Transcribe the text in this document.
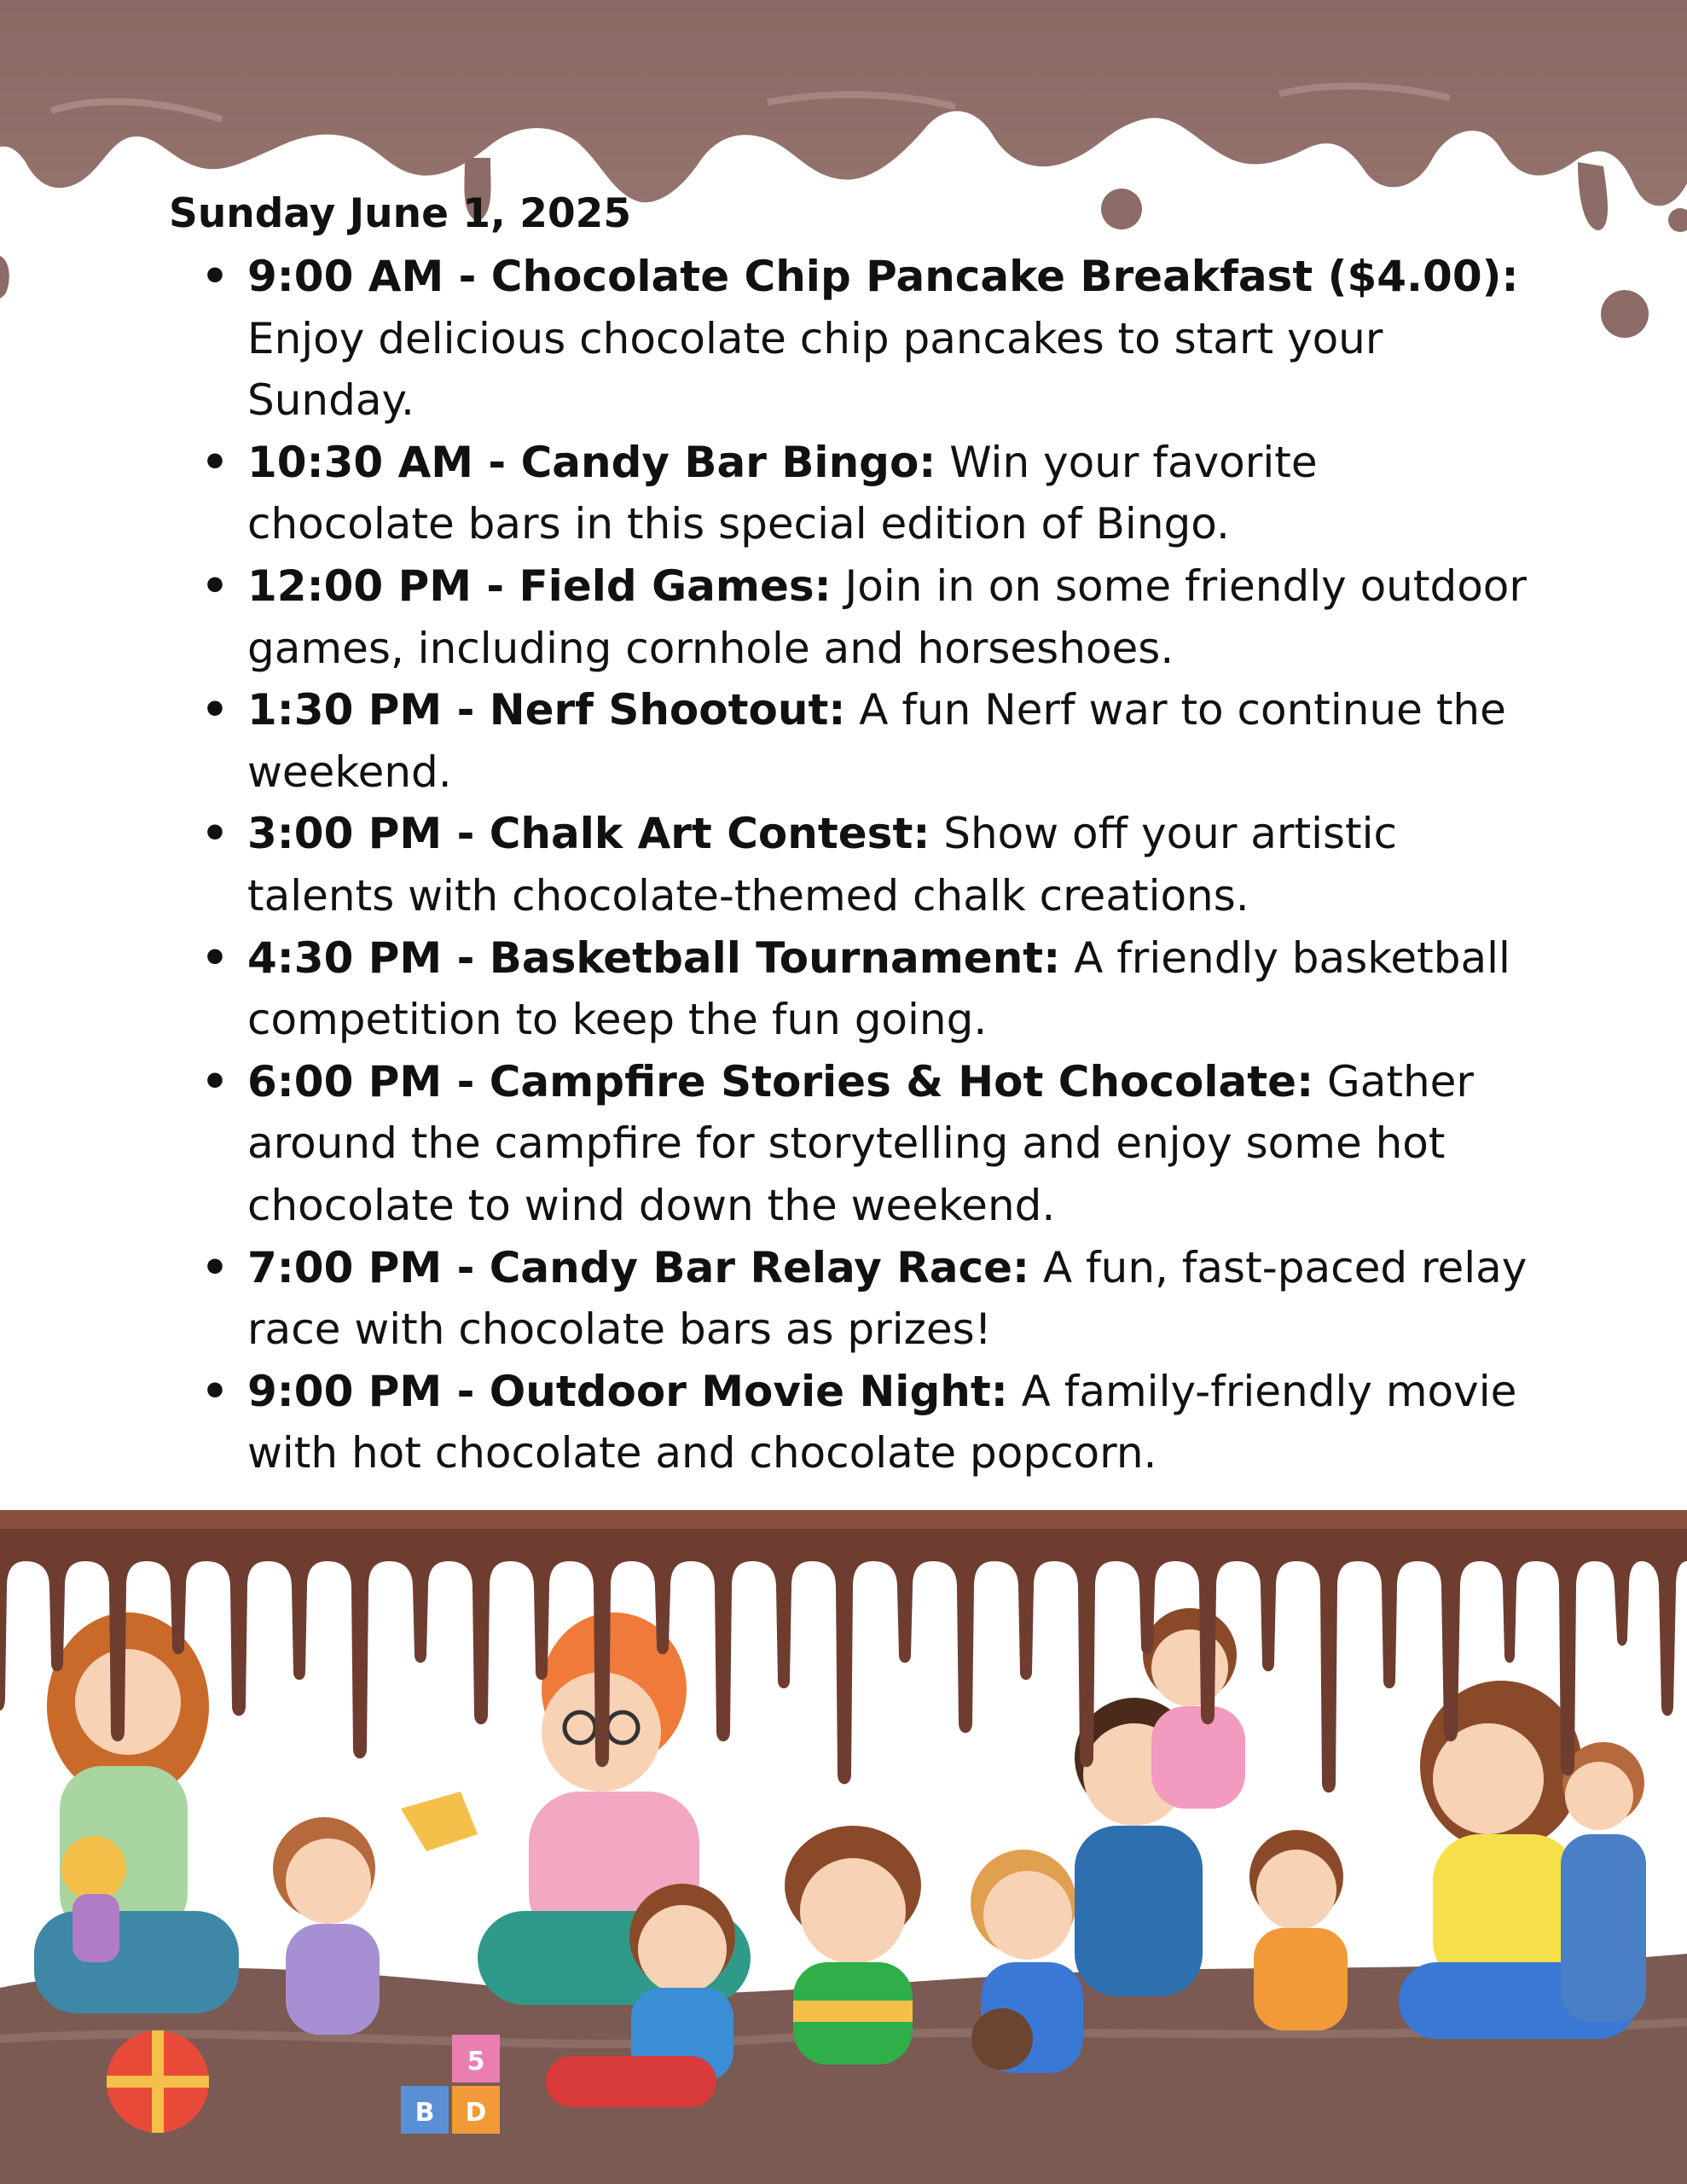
Sunday June 1, 2025
• 9:00 AM - Chocolate Chip Pancake Breakfast ($4.00): Enjoy delicious chocolate chip pancakes to start your Sunday.
• 10:30 AM - Candy Bar Bingo: Win your favorite chocolate bars in this special edition of Bingo.
• 12:00 PM - Field Games: Join in on some friendly outdoor games, including cornhole and horseshoes.
• 1:30 PM - Nerf Shootout: A fun Nerf war to continue the weekend.
• 3:00 PM - Chalk Art Contest: Show off your artistic talents with chocolate-themed chalk creations.
• 4:30 PM - Basketball Tournament: A friendly basketball competition to keep the fun going.
• 6:00 PM - Campfire Stories & Hot Chocolate: Gather around the campfire for storytelling and enjoy some hot chocolate to wind down the weekend.
• 7:00 PM - Candy Bar Relay Race: A fun, fast-paced relay race with chocolate bars as prizes!
• 9:00 PM - Outdoor Movie Night: A family-friendly movie with hot chocolate and chocolate popcorn.
B D
5
